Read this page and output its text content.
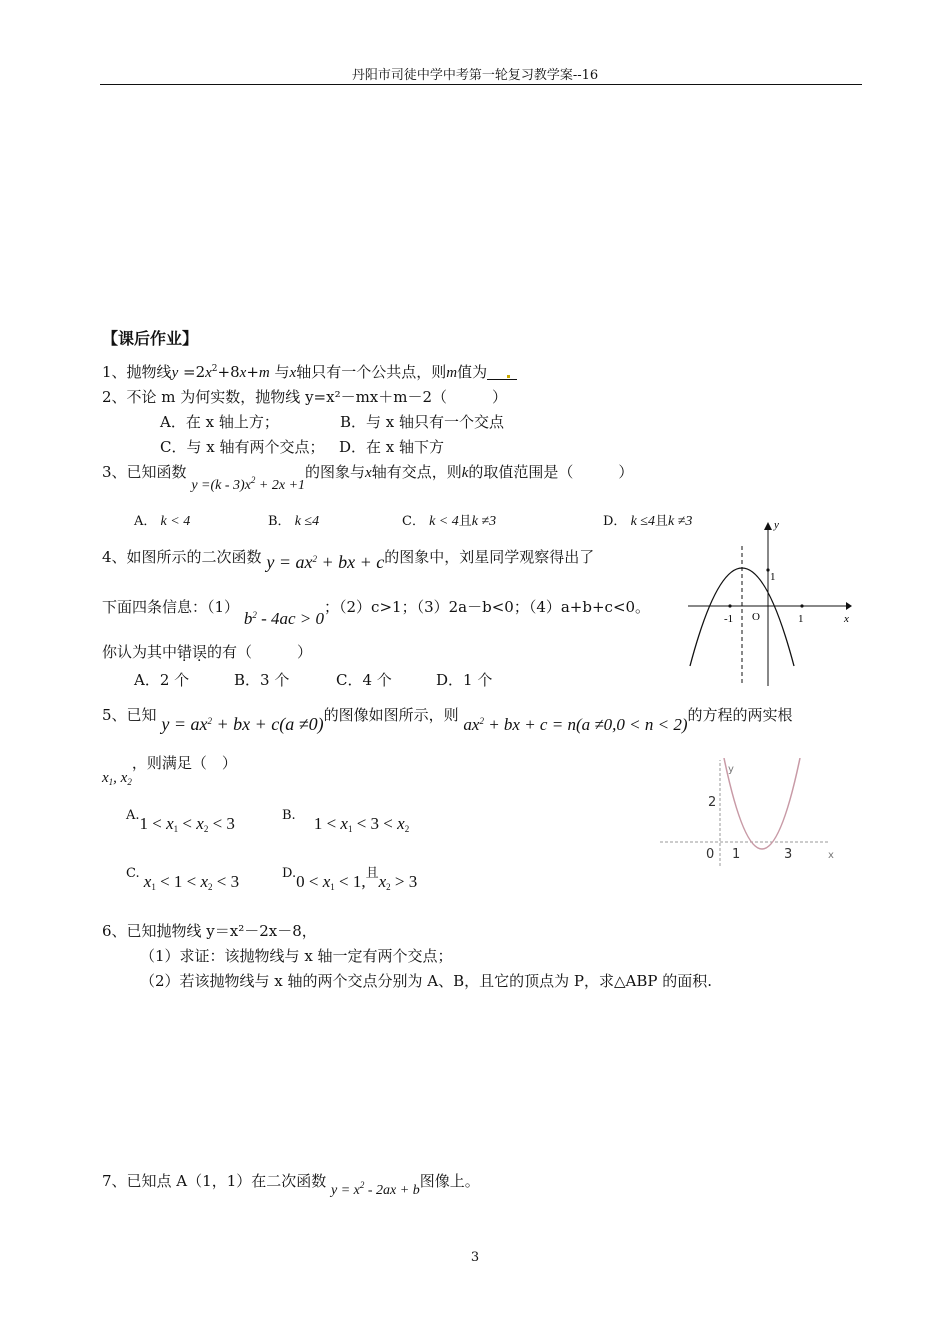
丹阳市司徒中学中考第一轮复习教学案--16
【课后作业】
1、抛物线$y =2x^2+8x+m$ 与x轴只有一个公共点，则m值为
2、不论 m 为何实数，抛物线 y=x²－mx＋m－2（　　　）
A．在 x 轴上方；	B．与 x 轴只有一个交点
C．与 x 轴有两个交点； D．在 x 轴下方
3、已知函数 $y =(k - 3)x^2 + 2x +1$的图象与x轴有交点，则k的取值范围是（　　　）
A． k < 4	B． k ≤4	C． k < 4且k ≠3	D． k ≤4且k ≠3
4、如图所示的二次函数 $y = ax^2$ + bx + c的图象中，刘星同学观察得出了
下面四条信息：（1） $b^2 - 4ac > 0$；（2）c>1；（3）2a－b<0；（4）a+b+c<0。
你认为其中错误的有（　　　）
A．2 个	B．3 个	C．4 个	D．1 个
y
x
1
-1 O	1
5、已知 $y = ax^2$ + bx + c(a ≠0)的图像如图所示，则 $ax^2$ + bx + c = n(a ≠0,0 < n < 2)的方程的两实根
$x_1$, $x_2$，则满足（　）
$A.1 < x_1 < x_2 < 3$	B. $1 < x_1 < 3 < x_2$
C. $x_1 < 1 < x_2 < 3$	$D.0 < x_1 < 1$,且$x_2 > 3$
y
x
2
0 1	3
6、已知抛物线 y＝x²－2x－8，
（1）求证：该抛物线与 x 轴一定有两个交点；
（2）若该抛物线与 x 轴的两个交点分别为 A、B，且它的顶点为 P，求△ABP 的面积.
7、已知点 A（1，1）在二次函数 $y = x^2 - 2ax + b$图像上。
3
